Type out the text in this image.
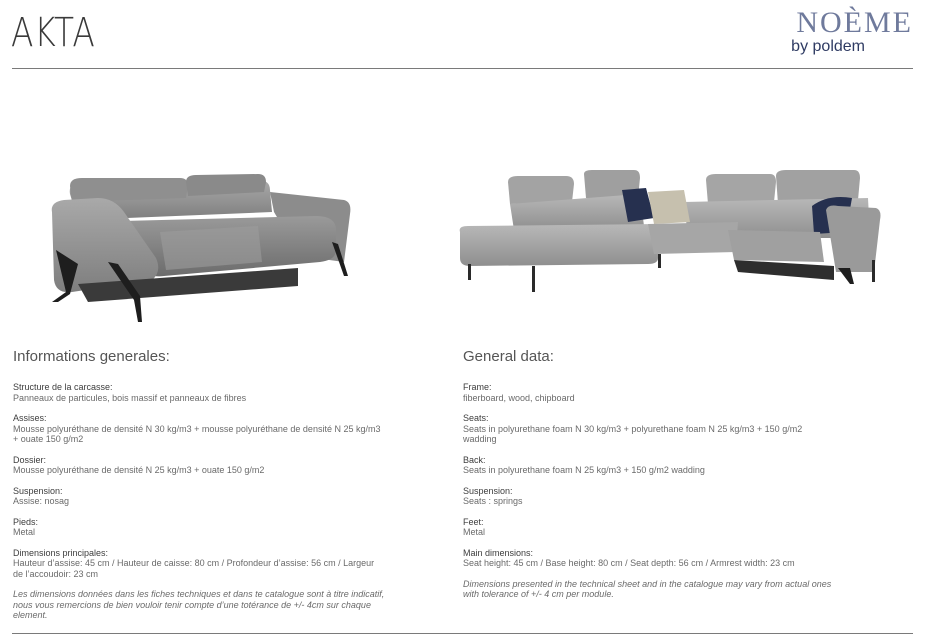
AKTA	NOÈME
by poldem
Informations generales:
Structure de la carcasse:
Panneaux de particules, bois massif et panneaux de fibres
Assises:
Mousse polyuréthane de densité N 30 kg/m3 + mousse polyuréthane de densité N 25 kg/m3 + ouate 150 g/m2
Dossier:
Mousse polyuréthane de densité N 25 kg/m3 + ouate 150 g/m2
Suspension:
Assise: nosag
Pieds:
Metal
Dimensions principales:
Hauteur d’assise: 45 cm / Hauteur de caisse: 80 cm / Profondeur d’assise: 56 cm / Largeur de l’accoudoir: 23 cm
Les dimensions données dans les fiches techniques et dans te catalogue sont à titre indicatif, nous vous remercions de bien vouloir tenir compte d’une totérance de +/- 4cm sur chaque element.
General data:
Frame:
fiberboard, wood, chipboard
Seats:
Seats in polyurethane foam N 30 kg/m3 + polyurethane foam N 25 kg/m3 + 150 g/m2 wadding
Back:
Seats in polyurethane foam N 25 kg/m3 + 150 g/m2 wadding
Suspension:
Seats : springs
Feet:
Metal
Main dimensions:
Seat height: 45 cm / Base height: 80 cm / Seat depth: 56 cm / Armrest width: 23 cm
Dimensions presented in the technical sheet and in the catalogue may vary from actual ones with tolerance of +/- 4 cm per module.
